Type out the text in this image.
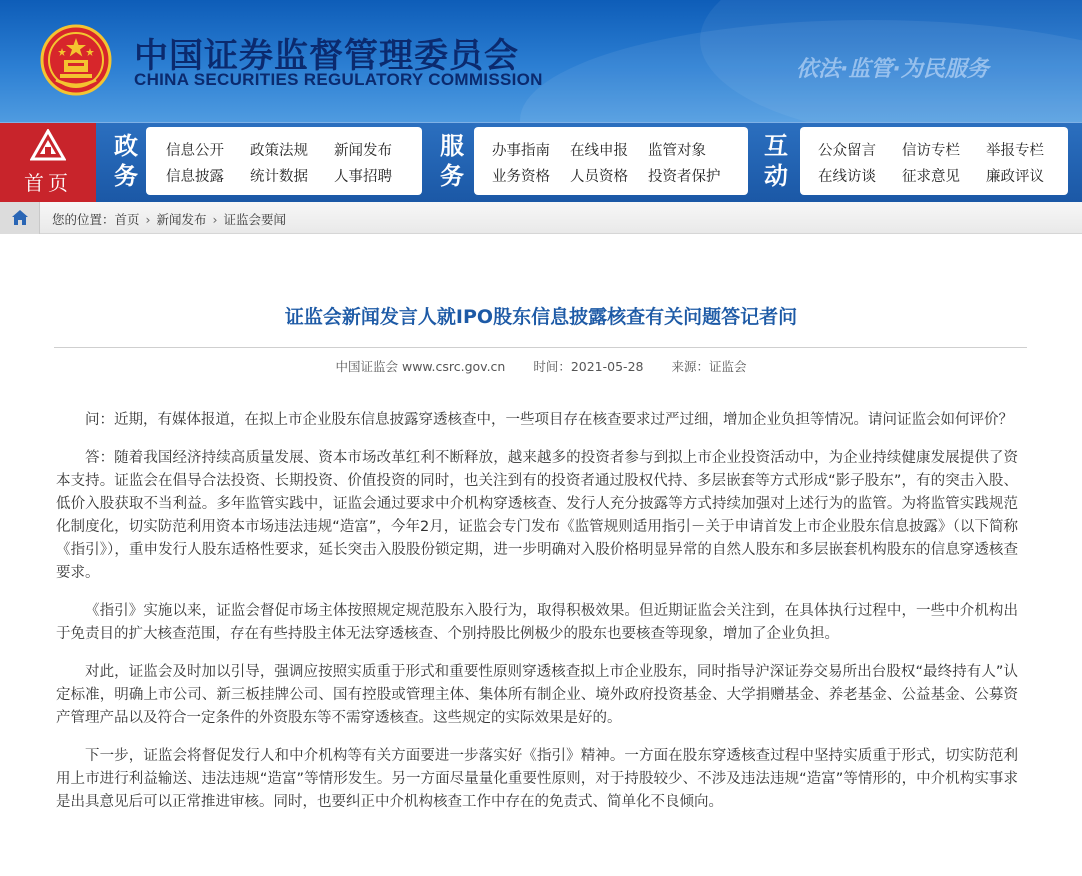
中国证券监督管理委员会
CHINA SECURITIES REGULATORY COMMISSION	依法·监管·为民服务
首页
政务
信息公开 政策法规 新闻发布
信息披露 统计数据 人事招聘
服务
办事指南 在线申报 监管对象
业务资格 人员资格 投资者保护
互动
公众留言 信访专栏 举报专栏
在线访谈 征求意见 廉政评议
您的位置：首页 › 新闻发布 › 证监会要闻
证监会新闻发言人就IPO股东信息披露核查有关问题答记者问
中国证监会 www.csrc.gov.cn 时间：2021-05-28 来源：证监会

问：近期，有媒体报道，在拟上市企业股东信息披露穿透核查中，一些项目存在核查要求过严过细，增加企业负担等情况。请问证监会如何评价？

答：随着我国经济持续高质量发展、资本市场改革红利不断释放，越来越多的投资者参与到拟上市企业投资活动中，为企业持续健康发展提供了资本支持。证监会在倡导合法投资、长期投资、价值投资的同时，也关注到有的投资者通过股权代持、多层嵌套等方式形成“影子股东”，有的突击入股、低价入股获取不当利益。多年监管实践中，证监会通过要求中介机构穿透核查、发行人充分披露等方式持续加强对上述行为的监管。为将监管实践规范化制度化，切实防范利用资本市场违法违规“造富”，今年2月，证监会专门发布《监管规则适用指引－关于申请首发上市企业股东信息披露》（以下简称《指引》），重申发行人股东适格性要求，延长突击入股股份锁定期，进一步明确对入股价格明显异常的自然人股东和多层嵌套机构股东的信息穿透核查要求。

《指引》实施以来，证监会督促市场主体按照规定规范股东入股行为，取得积极效果。但近期证监会关注到，在具体执行过程中，一些中介机构出于免责目的扩大核查范围，存在有些持股主体无法穿透核查、个别持股比例极少的股东也要核查等现象，增加了企业负担。

对此，证监会及时加以引导，强调应按照实质重于形式和重要性原则穿透核查拟上市企业股东，同时指导沪深证券交易所出台股权“最终持有人”认定标准，明确上市公司、新三板挂牌公司、国有控股或管理主体、集体所有制企业、境外政府投资基金、大学捐赠基金、养老基金、公益基金、公募资产管理产品以及符合一定条件的外资股东等不需穿透核查。这些规定的实际效果是好的。

下一步，证监会将督促发行人和中介机构等有关方面要进一步落实好《指引》精神。一方面在股东穿透核查过程中坚持实质重于形式，切实防范利用上市进行利益输送、违法违规“造富”等情形发生。另一方面尽量量化重要性原则，对于持股较少、不涉及违法违规“造富”等情形的，中介机构实事求是出具意见后可以正常推进审核。同时，也要纠正中介机构核查工作中存在的免责式、简单化不良倾向。
